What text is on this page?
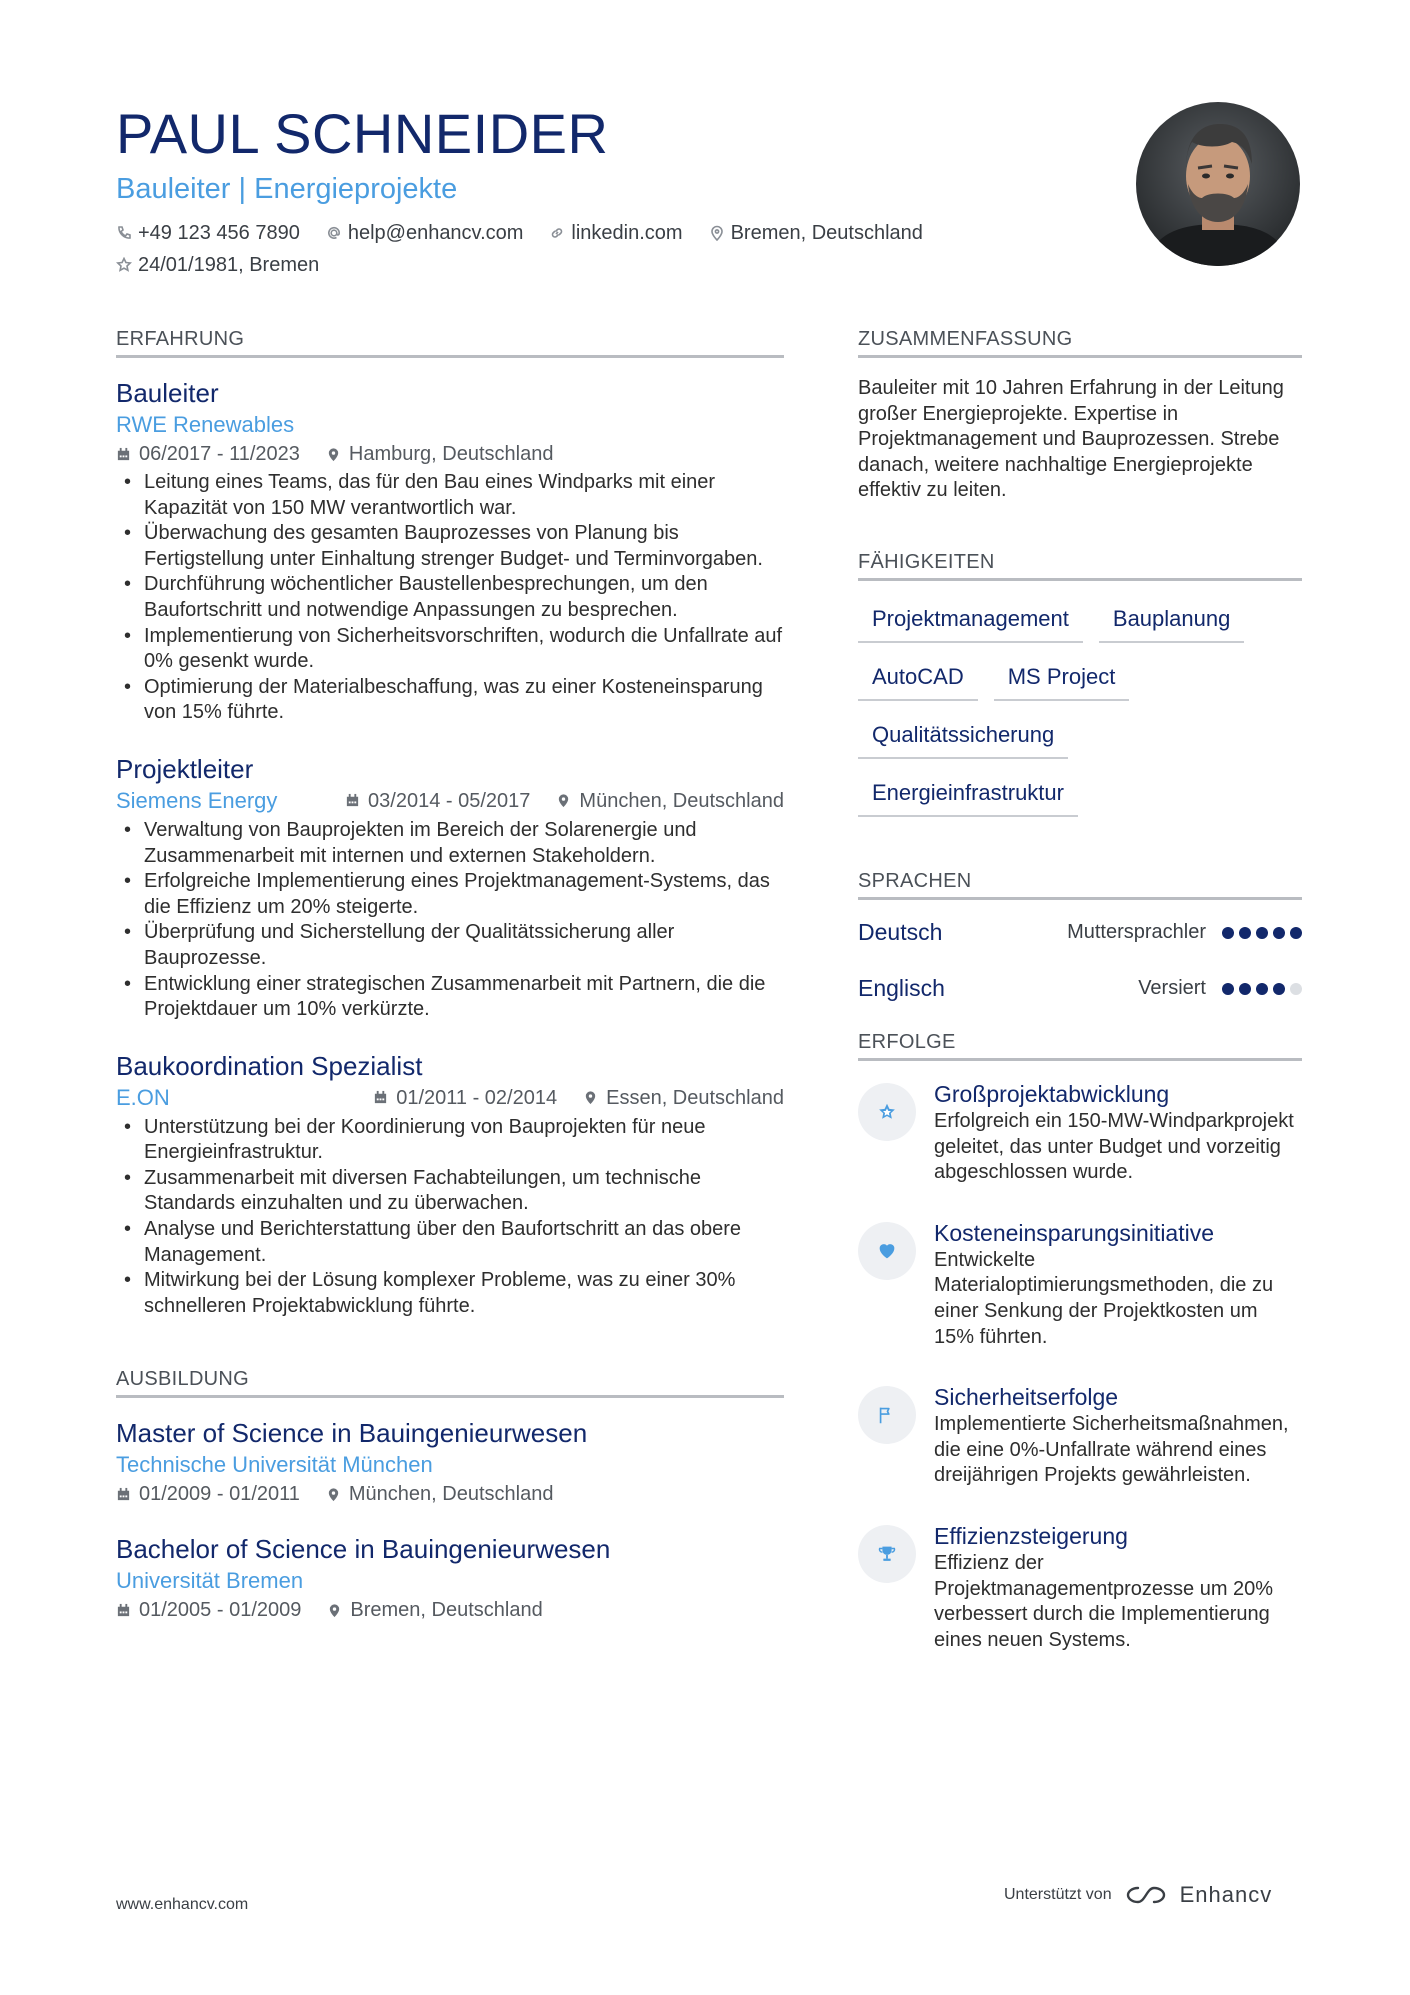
PAUL SCHNEIDER
Bauleiter | Energieprojekte
+49 123 456 7890 help@enhancv.com linkedin.com Bremen, Deutschland
24/01/1981, Bremen
ERFAHRUNG
Bauleiter
RWE Renewables
06/2017 - 11/2023 Hamburg, Deutschland
• Leitung eines Teams, das für den Bau eines Windparks mit einer Kapazität von 150 MW verantwortlich war.
• Überwachung des gesamten Bauprozesses von Planung bis Fertigstellung unter Einhaltung strenger Budget- und Terminvorgaben.
• Durchführung wöchentlicher Baustellenbesprechungen, um den Baufortschritt und notwendige Anpassungen zu besprechen.
• Implementierung von Sicherheitsvorschriften, wodurch die Unfallrate auf 0% gesenkt wurde.
• Optimierung der Materialbeschaffung, was zu einer Kosteneinsparung von 15% führte.
Projektleiter
Siemens Energy	03/2014 - 05/2017 München, Deutschland
• Verwaltung von Bauprojekten im Bereich der Solarenergie und Zusammenarbeit mit internen und externen Stakeholdern.
• Erfolgreiche Implementierung eines Projektmanagement-Systems, das die Effizienz um 20% steigerte.
• Überprüfung und Sicherstellung der Qualitätssicherung aller Bauprozesse.
• Entwicklung einer strategischen Zusammenarbeit mit Partnern, die die Projektdauer um 10% verkürzte.
Baukoordination Spezialist
E.ON	01/2011 - 02/2014 Essen, Deutschland
• Unterstützung bei der Koordinierung von Bauprojekten für neue Energieinfrastruktur.
• Zusammenarbeit mit diversen Fachabteilungen, um technische Standards einzuhalten und zu überwachen.
• Analyse und Berichterstattung über den Baufortschritt an das obere Management.
• Mitwirkung bei der Lösung komplexer Probleme, was zu einer 30% schnelleren Projektabwicklung führte.
AUSBILDUNG
Master of Science in Bauingenieurwesen
Technische Universität München
01/2009 - 01/2011 München, Deutschland
Bachelor of Science in Bauingenieurwesen
Universität Bremen
01/2005 - 01/2009 Bremen, Deutschland
ZUSAMMENFASSUNG
Bauleiter mit 10 Jahren Erfahrung in der Leitung großer Energieprojekte. Expertise in Projektmanagement und Bauprozessen. Strebe danach, weitere nachhaltige Energieprojekte effektiv zu leiten.
FÄHIGKEITEN
Projektmanagement	Bauplanung
AutoCAD	MS Project
Qualitätssicherung
Energieinfrastruktur
SPRACHEN
Deutsch	Muttersprachler
Englisch	Versiert
ERFOLGE
Großprojektabwicklung
Erfolgreich ein 150-MW-Windparkprojekt geleitet, das unter Budget und vorzeitig abgeschlossen wurde.
Kosteneinsparungsinitiative
Entwickelte Materialoptimierungsmethoden, die zu einer Senkung der Projektkosten um 15% führten.
Sicherheitserfolge
Implementierte Sicherheitsmaßnahmen, die eine 0%-Unfallrate während eines dreijährigen Projekts gewährleisten.
Effizienzsteigerung
Effizienz der Projektmanagementprozesse um 20% verbessert durch die Implementierung eines neuen Systems.
www.enhancv.com
Unterstützt von	Enhancv
